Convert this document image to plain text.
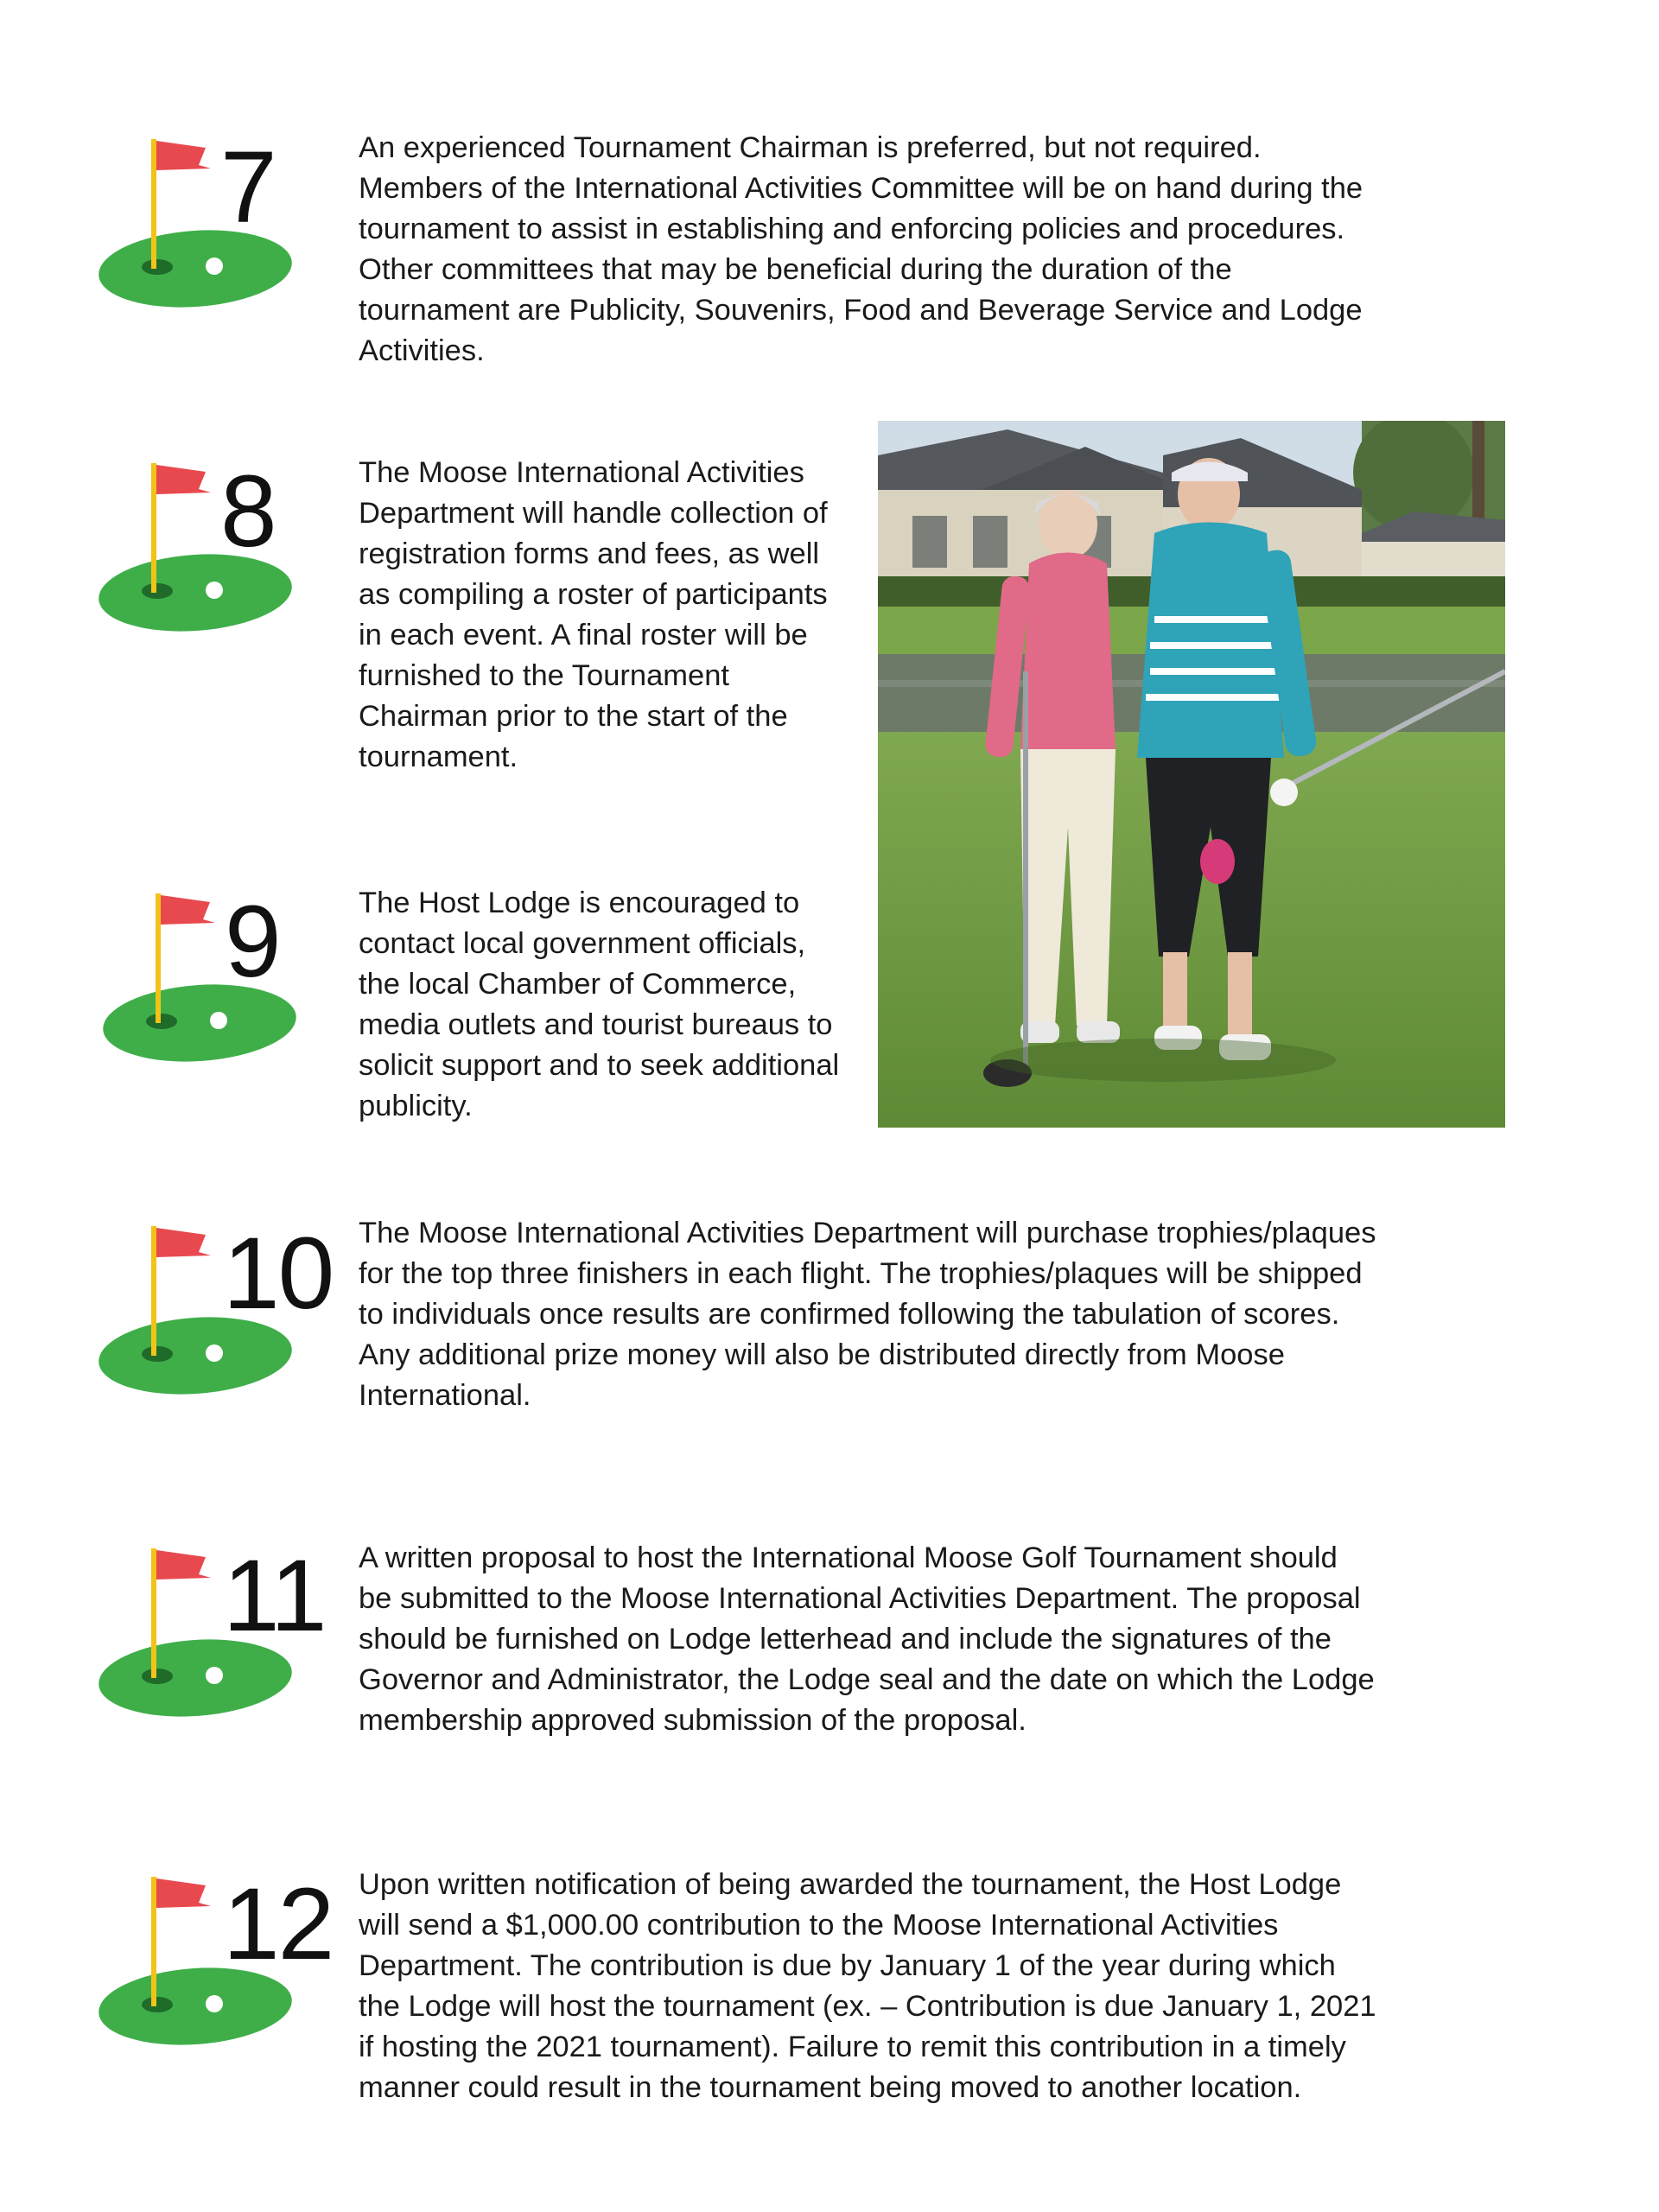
7	An experienced Tournament Chairman is preferred, but not required. Members of the International Activities Committee will be on hand during the tournament to assist in establishing and enforcing policies and procedures. Other committees that may be beneficial during the duration of the tournament are Publicity, Souvenirs, Food and Beverage Service and Lodge Activities.

8	The Moose International Activities Department will handle collection of registration forms and fees, as well as compiling a roster of participants in each event. A final roster will be furnished to the Tournament Chairman prior to the start of the tournament.

9	The Host Lodge is encouraged to contact local government officials, the local Chamber of Commerce, media outlets and tourist bureaus to solicit support and to seek additional publicity.

10 The Moose International Activities Department will purchase trophies/plaques for the top three finishers in each flight. The trophies/plaques will be shipped to individuals once results are confirmed following the tabulation of scores. Any additional prize money will also be distributed directly from Moose International.

11 A written proposal to host the International Moose Golf Tournament should be submitted to the Moose International Activities Department. The proposal should be furnished on Lodge letterhead and include the signatures of the Governor and Administrator, the Lodge seal and the date on which the Lodge membership approved submission of the proposal.

12 Upon written notification of being awarded the tournament, the Host Lodge will send a $1,000.00 contribution to the Moose International Activities Department. The contribution is due by January 1 of the year during which the Lodge will host the tournament (ex. – Contribution is due January 1, 2021 if hosting the 2021 tournament). Failure to remit this contribution in a timely manner could result in the tournament being moved to another location.
